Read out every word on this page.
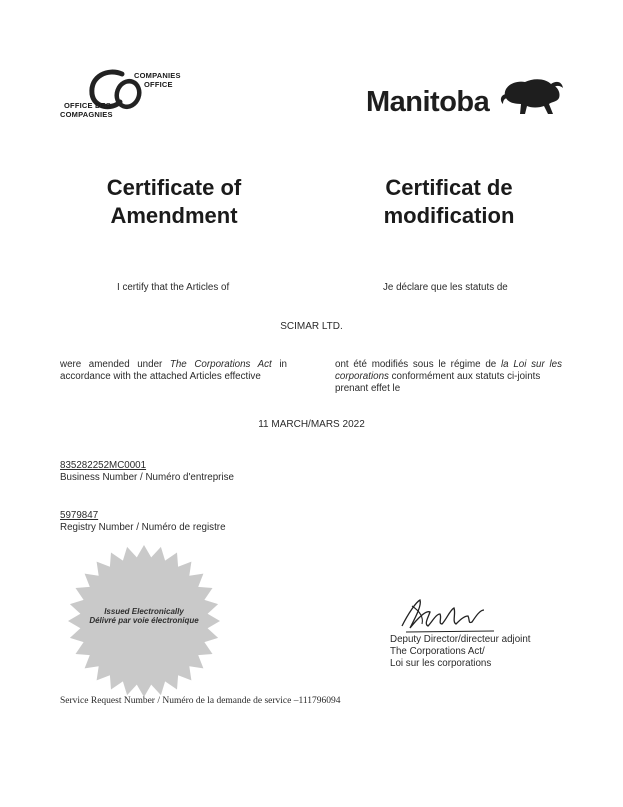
COMPANIES
OFFICE
OFFICE DES
COMPAGNIES	Manitoba
Certificate of
Amendment
Certificat de
modification
I certify that the Articles of	Je déclare que les statuts de
SCIMAR LTD.
were amended under The Corporations Act in accordance with the attached Articles effective
ont été modifiés sous le régime de la Loi sur les corporations conformément aux statuts ci-joints
prenant effet le
11 MARCH/MARS 2022
835282252MC0001
Business Number / Numéro d'entreprise
5979847
Registry Number / Numéro de registre
Issued Electronically
Délivré par voie électronique
Deputy Director/directeur adjoint
The Corporations Act/
Loi sur les corporations
Service Request Number / Numéro de la demande de service –111796094
